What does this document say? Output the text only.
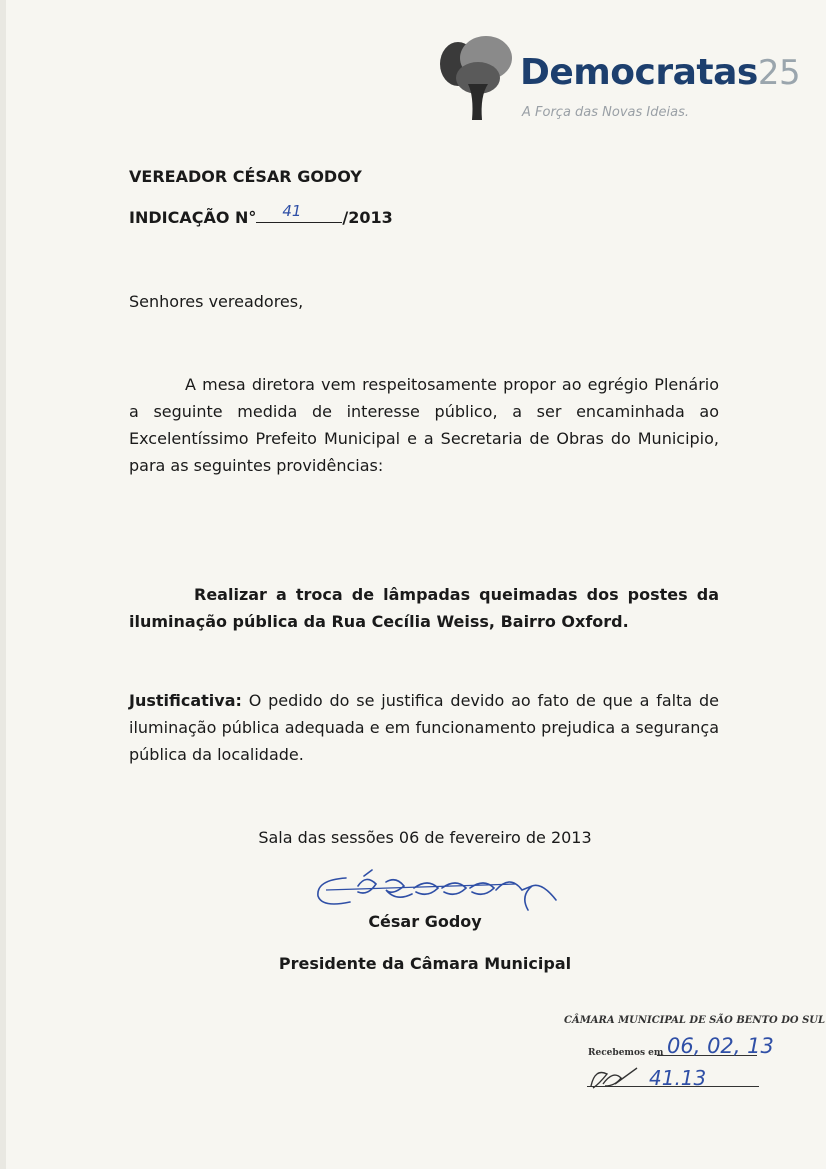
Democratas25
A Força das Novas Ideias.
VEREADOR CÉSAR GODOY
INDICAÇÃO N° 41	/2013
Senhores vereadores,
A mesa diretora vem respeitosamente propor ao egrégio Plenário a seguinte medida de interesse público, a ser encaminhada ao Excelentíssimo Prefeito Municipal e a Secretaria de Obras do Municipio, para as seguintes providências:
Realizar a troca de lâmpadas queimadas dos postes da iluminação pública da Rua Cecília Weiss, Bairro Oxford.
Justificativa: O pedido do se justifica devido ao fato de que a falta de iluminação pública adequada e em funcionamento prejudica a segurança pública da localidade.
Sala das sessões 06 de fevereiro de 2013
César Godoy
Presidente da Câmara Municipal
CÂMARA MUNICIPAL DE SÃO BENTO DO SUL
Recebemos em 06, 02, 13
41.13
